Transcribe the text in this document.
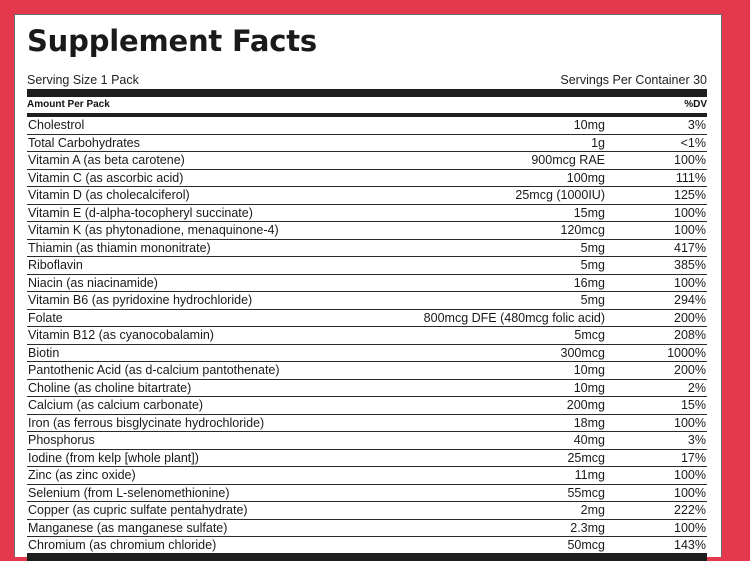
Supplement Facts
Serving Size 1 Pack	Servings Per Container 30
Amount Per Pack	%DV
Cholestrol	10mg	3%
Total Carbohydrates	1g	<1%
Vitamin A (as beta carotene)	900mcg RAE	100%
Vitamin C (as ascorbic acid)	100mg	111%
Vitamin D (as cholecalciferol)	25mcg (1000IU)	125%
Vitamin E (d-alpha-tocopheryl succinate)	15mg	100%
Vitamin K (as phytonadione, menaquinone-4)	120mcg	100%
Thiamin (as thiamin mononitrate)	5mg	417%
Riboflavin	5mg	385%
Niacin (as niacinamide)	16mg	100%
Vitamin B6 (as pyridoxine hydrochloride)	5mg	294%
Folate	800mcg DFE (480mcg folic acid)	200%
Vitamin B12 (as cyanocobalamin)	5mcg	208%
Biotin	300mcg	1000%
Pantothenic Acid (as d-calcium pantothenate)	10mg	200%
Choline (as choline bitartrate)	10mg	2%
Calcium (as calcium carbonate)	200mg	15%
Iron (as ferrous bisglycinate hydrochloride)	18mg	100%
Phosphorus	40mg	3%
Iodine (from kelp [whole plant])	25mcg	17%
Zinc (as zinc oxide)	11mg	100%
Selenium (from L-selenomethionine)	55mcg	100%
Copper (as cupric sulfate pentahydrate)	2mg	222%
Manganese (as manganese sulfate)	2.3mg	100%
Chromium (as chromium chloride)	50mcg	143%
